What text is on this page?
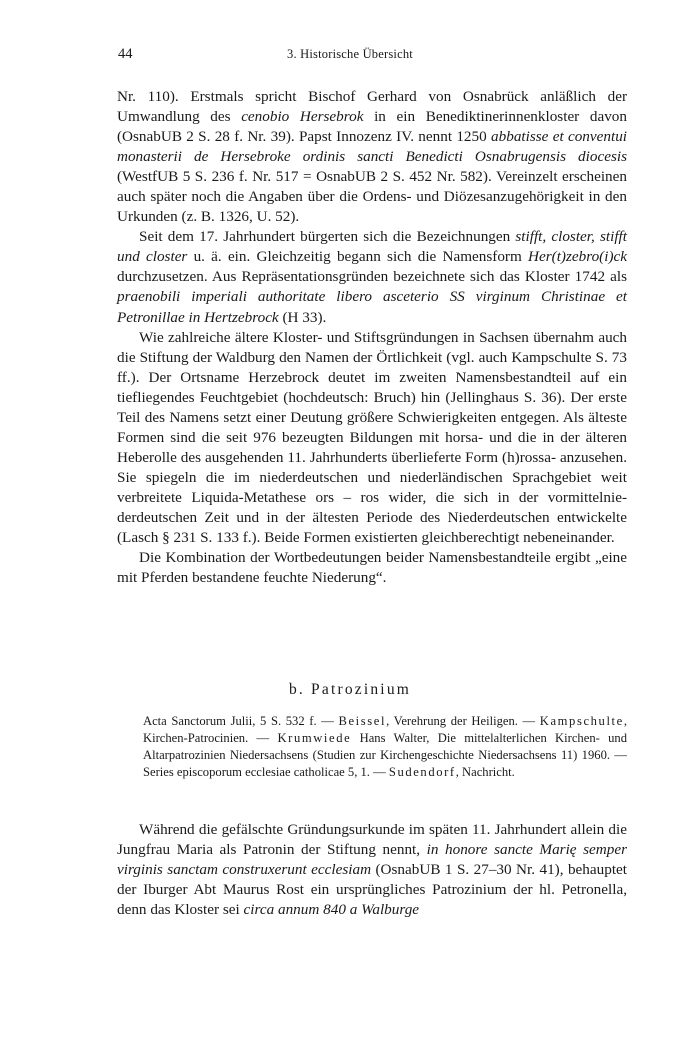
44	3. Historische Übersicht

Nr. 110). Erstmals spricht Bischof Gerhard von Osnabrück anläßlich der Umwandlung des cenobio Hersebrok in ein Benediktinerinnenkloster davon (OsnabUB 2 S. 28 f. Nr. 39). Papst Innozenz IV. nennt 1250 abbatisse et conventui monasterii de Hersebroke ordinis sancti Benedicti Osnabrugensis diocesis (WestfUB 5 S. 236 f. Nr. 517 = OsnabUB 2 S. 452 Nr. 582). Vereinzelt erscheinen auch später noch die Angaben über die Ordens- und Diözesanzugehörigkeit in den Urkunden (z. B. 1326, U. 52).

Seit dem 17. Jahrhundert bürgerten sich die Bezeichnungen stifft, closter, stifft und closter u. ä. ein. Gleichzeitig begann sich die Namensform Her(t)zebro(i)ck durchzusetzen. Aus Repräsentationsgründen bezeichnete sich das Kloster 1742 als praenobili imperiali authoritate libero asceterio SS virginum Christinae et Petronillae in Hertzebrock (H 33).

Wie zahlreiche ältere Kloster- und Stiftsgründungen in Sachsen übernahm auch die Stiftung der Waldburg den Namen der Örtlichkeit (vgl. auch Kampschulte S. 73 ff.). Der Ortsname Herzebrock deutet im zweiten Namensbestandteil auf ein tiefliegendes Feuchtgebiet (hochdeutsch: Bruch) hin (Jellinghaus S. 36). Der erste Teil des Namens setzt einer Deutung größere Schwierigkeiten entgegen. Als älteste Formen sind die seit 976 bezeugten Bildungen mit horsa- und die in der älteren Heberolle des ausgehenden 11. Jahrhunderts überlieferte Form (h)rossa- anzusehen. Sie spiegeln die im niederdeutschen und niederländischen Sprachgebiet weit verbreitete Liquida-Metathese ors – ros wider, die sich in der vormittelniederdeutschen Zeit und in der ältesten Periode des Niederdeutschen entwickelte (Lasch § 231 S. 133 f.). Beide Formen existierten gleichberechtigt nebeneinander.

Die Kombination der Wortbedeutungen beider Namensbestandteile ergibt „eine mit Pferden bestandene feuchte Niederung“.

b. Patrozinium

Acta Sanctorum Julii, 5 S. 532 f. — Beissel, Verehrung der Heiligen. — Kampschulte, Kirchen-Patrocinien. — Krumwiede Hans Walter, Die mittelalterlichen Kirchen- und Altarpatrozinien Niedersachsens (Studien zur Kirchengeschichte Niedersachsens 11) 1960. — Series episcoporum ecclesiae catholicae 5, 1. — Sudendorf, Nachricht.

Während die gefälschte Gründungsurkunde im späten 11. Jahrhundert allein die Jungfrau Maria als Patronin der Stiftung nennt, in honore sancte Marię semper virginis sanctam construxerunt ecclesiam (OsnabUB 1 S. 27–30 Nr. 41), behauptet der Iburger Abt Maurus Rost ein ursprüngliches Patrozinium der hl. Petronella, denn das Kloster sei circa annum 840 a Walburge
